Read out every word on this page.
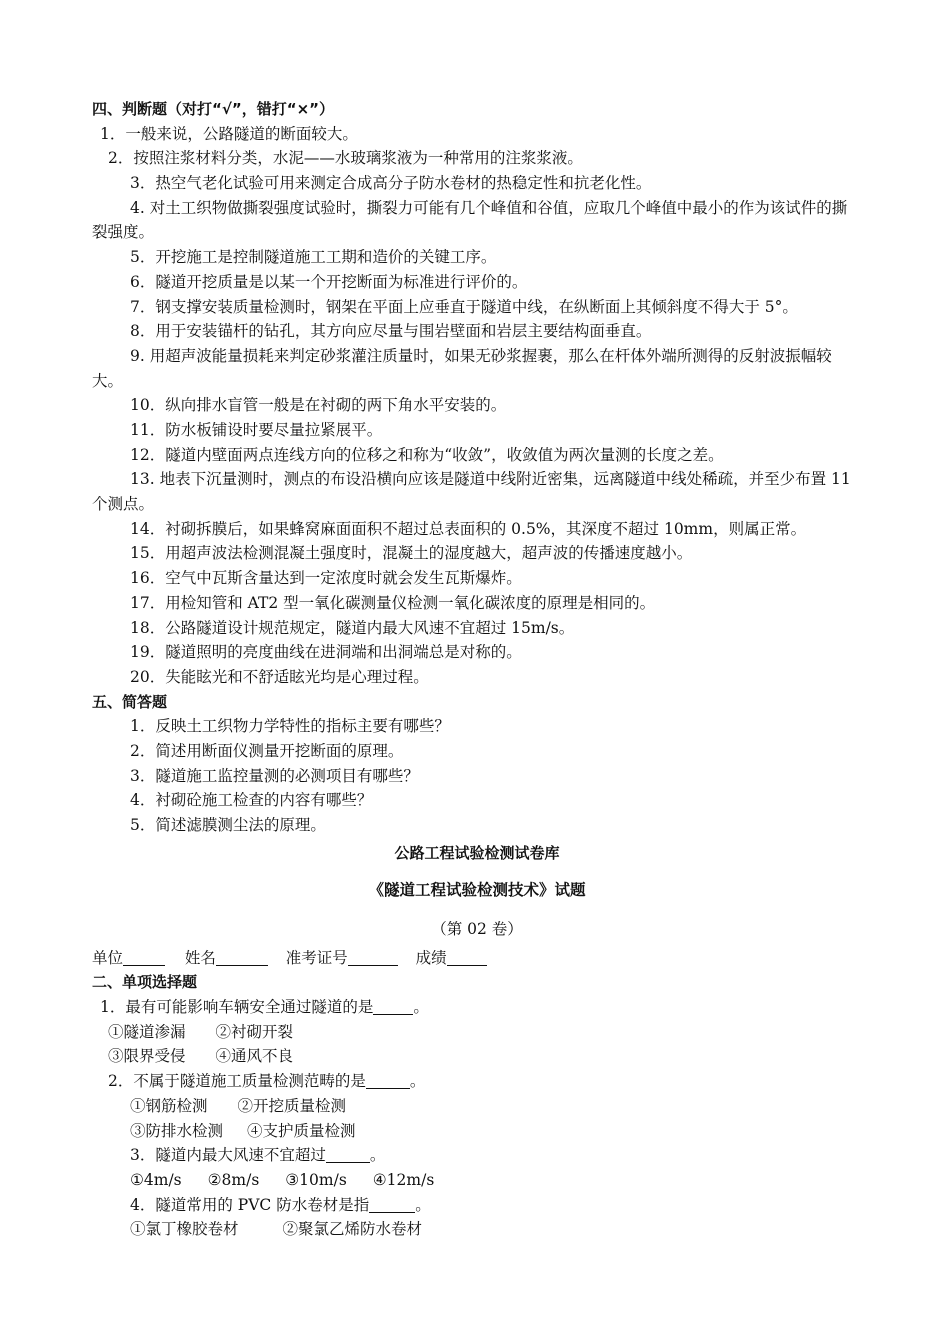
四、判断题（对打“√”，错打“×”）
1．一般来说，公路隧道的断面较大。
2．按照注浆材料分类，水泥——水玻璃浆液为一种常用的注浆浆液。
3．热空气老化试验可用来测定合成高分子防水卷材的热稳定性和抗老化性。
4. 对土工织物做撕裂强度试验时，撕裂力可能有几个峰值和谷值，应取几个峰值中最小的作为该试件的撕裂强度。
5．开挖施工是控制隧道施工工期和造价的关键工序。
6．隧道开挖质量是以某一个开挖断面为标准进行评价的。
7．钢支撑安装质量检测时，钢架在平面上应垂直于隧道中线，在纵断面上其倾斜度不得大于 5°。
8．用于安装锚杆的钻孔，其方向应尽量与围岩壁面和岩层主要结构面垂直。
9. 用超声波能量损耗来判定砂浆灌注质量时，如果无砂浆握裹，那么在杆体外端所测得的反射波振幅较大。
10．纵向排水盲管一般是在衬砌的两下角水平安装的。
11．防水板铺设时要尽量拉紧展平。
12．隧道内壁面两点连线方向的位移之和称为“收敛”，收敛值为两次量测的长度之差。
13. 地表下沉量测时，测点的布设沿横向应该是隧道中线附近密集，远离隧道中线处稀疏，并至少布置 11 个测点。
14．衬砌拆膜后，如果蜂窝麻面面积不超过总表面积的 0.5%，其深度不超过 10mm，则属正常。
15．用超声波法检测混凝土强度时，混凝土的湿度越大，超声波的传播速度越小。
16．空气中瓦斯含量达到一定浓度时就会发生瓦斯爆炸。
17．用检知管和 AT2 型一氧化碳测量仪检测一氧化碳浓度的原理是相同的。
18．公路隧道设计规范规定，隧道内最大风速不宜超过 15m/s。
19．隧道照明的亮度曲线在进洞端和出洞端总是对称的。
20．失能眩光和不舒适眩光均是心理过程。
五、简答题
1．反映土工织物力学特性的指标主要有哪些？
2．简述用断面仪测量开挖断面的原理。
3．隧道施工监控量测的必测项目有哪些？
4．衬砌砼施工检查的内容有哪些？
5．简述滤膜测尘法的原理。
公路工程试验检测试卷库
《隧道工程试验检测技术》试题
（第 02 卷）
单位	姓名	准考证号	成绩
二、单项选择题
1．最有可能影响车辆安全通过隧道的是	。
①隧道渗漏 ②衬砌开裂
③限界受侵 ④通风不良
2．不属于隧道施工质量检测范畴的是	。
①钢筋检测 ②开挖质量检测
③防排水检测 ④支护质量检测
3．隧道内最大风速不宜超过	。
①4m/s ②8m/s ③10m/s ④12m/s
4．隧道常用的 PVC 防水卷材是指	。
①氯丁橡胶卷材	②聚氯乙烯防水卷材
